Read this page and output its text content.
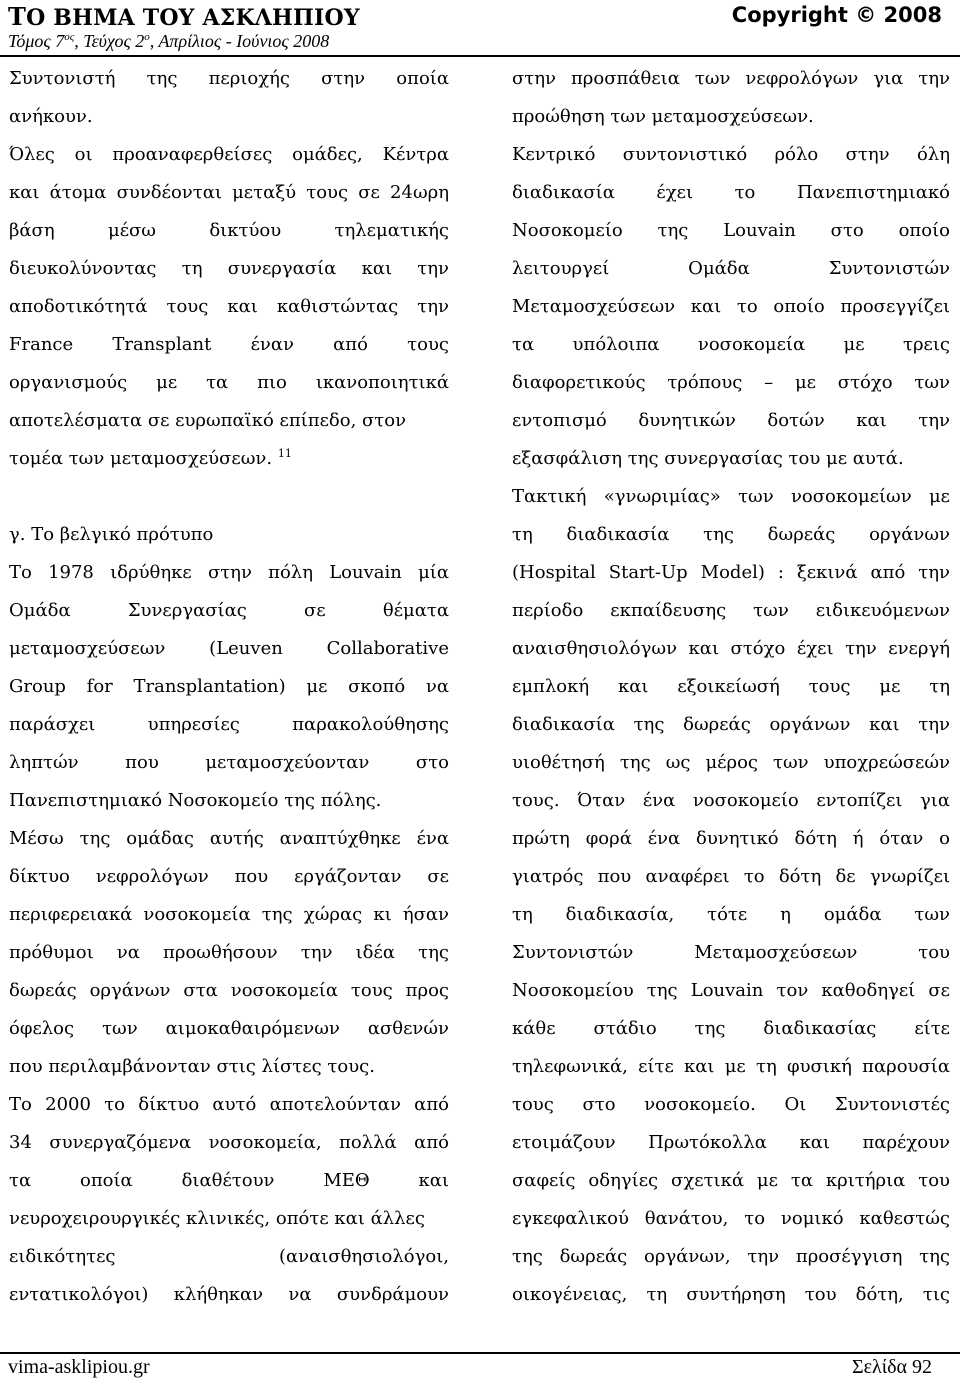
ΤΟ ΒΗΜΑ ΤΟΥ ΑΣΚΛΗΠΙΟΥ	Copyright © 2008
Τόμος $7^{o\varsigma}$, Τεύχος $2^o$, Απρίλιος - Ιούνιος 2008
Συντονιστή της περιοχής στην οποία
ανήκουν.
Όλες οι προαναφερθείσες ομάδες, Κέντρα
και άτομα συνδέονται μεταξύ τους σε 24ωρη
βάση μέσω δικτύου τηλεματικής
διευκολύνοντας τη συνεργασία και την
αποδοτικότητά τους και καθιστώντας την
France Transplant έναν από τους
οργανισμούς με τα πιο ικανοποιητικά
αποτελέσματα σε ευρωπαϊκό επίπεδο, στον
τομέα των μεταμοσχεύσεων. $^{11}$
γ. Το βελγικό πρότυπο
Το 1978 ιδρύθηκε στην πόλη Louvain μία
Ομάδα Συνεργασίας σε θέματα
μεταμοσχεύσεων (Leuven Collaborative
Group for Transplantation) με σκοπό να
παράσχει υπηρεσίες παρακολούθησης
ληπτών που μεταμοσχεύονταν στο
Πανεπιστημιακό Νοσοκομείο της πόλης.
Μέσω της ομάδας αυτής αναπτύχθηκε ένα
δίκτυο νεφρολόγων που εργάζονταν σε
περιφερειακά νοσοκομεία της χώρας κι ήσαν
πρόθυμοι να προωθήσουν την ιδέα της
δωρεάς οργάνων στα νοσοκομεία τους προς
όφελος των αιμοκαθαιρόμενων ασθενών
που περιλαμβάνονταν στις λίστες τους.
Το 2000 το δίκτυο αυτό αποτελούνταν από
34 συνεργαζόμενα νοσοκομεία, πολλά από
τα οποία διαθέτουν ΜΕΘ και
νευροχειρουργικές κλινικές, οπότε και άλλες
ειδικότητες (αναισθησιολόγοι,
εντατικολόγοι) κλήθηκαν να συνδράμουν
στην προσπάθεια των νεφρολόγων για την
προώθηση των μεταμοσχεύσεων.
Κεντρικό συντονιστικό ρόλο στην όλη
διαδικασία έχει το Πανεπιστημιακό
Νοσοκομείο της Louvain στο οποίο
λειτουργεί Ομάδα Συντονιστών
Μεταμοσχεύσεων και το οποίο προσεγγίζει
τα υπόλοιπα νοσοκομεία με τρεις
διαφορετικούς τρόπους – με στόχο των
εντοπισμό δυνητικών δοτών και την
εξασφάλιση της συνεργασίας του με αυτά.
Τακτική «γνωριμίας» των νοσοκομείων με
τη διαδικασία της δωρεάς οργάνων
(Hospital Start-Up Model) : ξεκινά από την
περίοδο εκπαίδευσης των ειδικευόμενων
αναισθησιολόγων και στόχο έχει την ενεργή
εμπλοκή και εξοικείωσή τους με τη
διαδικασία της δωρεάς οργάνων και την
υιοθέτησή της ως μέρος των υποχρεώσεών
τους. Όταν ένα νοσοκομείο εντοπίζει για
πρώτη φορά ένα δυνητικό δότη ή όταν ο
γιατρός που αναφέρει το δότη δε γνωρίζει
τη διαδικασία, τότε η ομάδα των
Συντονιστών Μεταμοσχεύσεων του
Νοσοκομείου της Louvain τον καθοδηγεί σε
κάθε στάδιο της διαδικασίας είτε
τηλεφωνικά, είτε και με τη φυσική παρουσία
τους στο νοσοκομείο. Οι Συντονιστές
ετοιμάζουν Πρωτόκολλα και παρέχουν
σαφείς οδηγίες σχετικά με τα κριτήρια του
εγκεφαλικού θανάτου, το νομικό καθεστώς
της δωρεάς οργάνων, την προσέγγιση της
οικογένειας, τη συντήρηση του δότη, τις
vima-asklipiou.gr	Σελίδα 92
